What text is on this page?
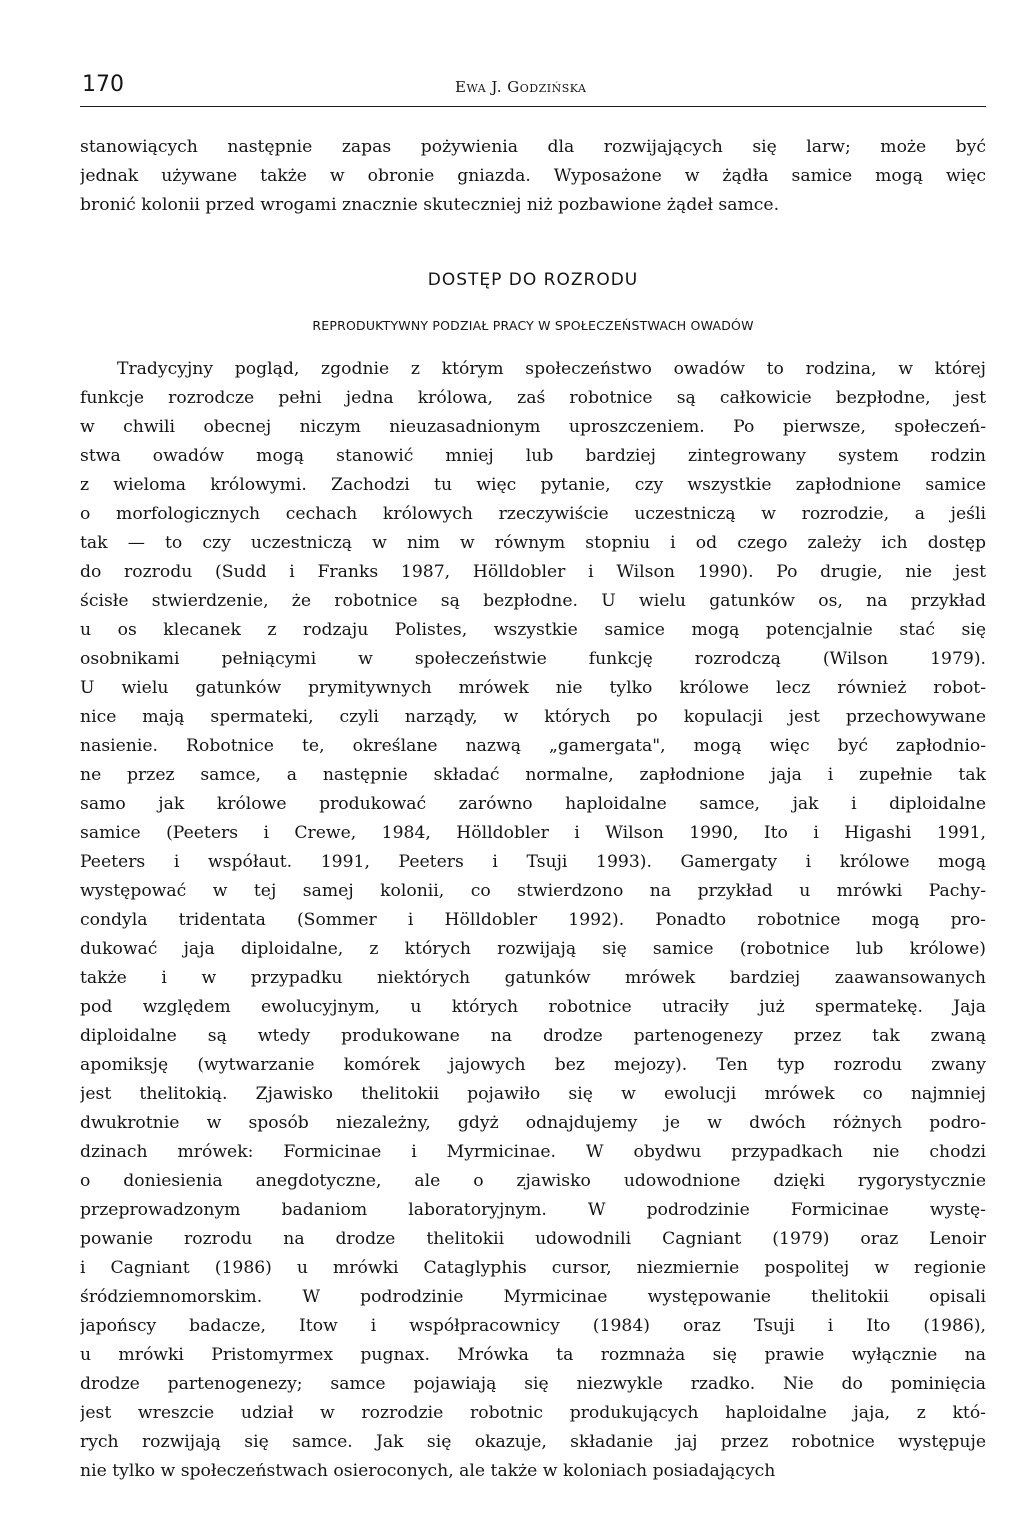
170	Ewa J. Godzińska
stanowiących następnie zapas pożywienia dla rozwijających się larw; może być
jednak używane także w obronie gniazda. Wyposażone w żądła samice mogą więc
bronić kolonii przed wrogami znacznie skuteczniej niż pozbawione żądeł samce.
DOSTĘP DO ROZRODU
REPRODUKTYWNY PODZIAŁ PRACY W SPOŁECZEŃSTWACH OWADÓW
Tradycyjny pogląd, zgodnie z którym społeczeństwo owadów to rodzina, w której
funkcje rozrodcze pełni jedna królowa, zaś robotnice są całkowicie bezpłodne, jest
w chwili obecnej niczym nieuzasadnionym uproszczeniem. Po pierwsze, społeczeń-
stwa owadów mogą stanowić mniej lub bardziej zintegrowany system rodzin
z wieloma królowymi. Zachodzi tu więc pytanie, czy wszystkie zapłodnione samice
o morfologicznych cechach królowych rzeczywiście uczestniczą w rozrodzie, a jeśli
tak — to czy uczestniczą w nim w równym stopniu i od czego zależy ich dostęp
do rozrodu (Sudd i Franks 1987, Hölldobler i Wilson 1990). Po drugie, nie jest
ścisłe stwierdzenie, że robotnice są bezpłodne. U wielu gatunków os, na przykład
u os klecanek z rodzaju Polistes, wszystkie samice mogą potencjalnie stać się
osobnikami pełniącymi w społeczeństwie funkcję rozrodczą (Wilson 1979).
U wielu gatunków prymitywnych mrówek nie tylko królowe lecz również robot-
nice mają spermateki, czyli narządy, w których po kopulacji jest przechowywane
nasienie. Robotnice te, określane nazwą „gamergata", mogą więc być zapłodnio-
ne przez samce, a następnie składać normalne, zapłodnione jaja i zupełnie tak
samo jak królowe produkować zarówno haploidalne samce, jak i diploidalne
samice (Peeters i Crewe, 1984, Hölldobler i Wilson 1990, Ito i Higashi 1991,
Peeters i współaut. 1991, Peeters i Tsuji 1993). Gamergaty i królowe mogą
występować w tej samej kolonii, co stwierdzono na przykład u mrówki Pachy-
condyla tridentata (Sommer i Hölldobler 1992). Ponadto robotnice mogą pro-
dukować jaja diploidalne, z których rozwijają się samice (robotnice lub królowe)
także i w przypadku niektórych gatunków mrówek bardziej zaawansowanych
pod względem ewolucyjnym, u których robotnice utraciły już spermatekę. Jaja
diploidalne są wtedy produkowane na drodze partenogenezy przez tak zwaną
apomiksję (wytwarzanie komórek jajowych bez mejozy). Ten typ rozrodu zwany
jest thelitokią. Zjawisko thelitokii pojawiło się w ewolucji mrówek co najmniej
dwukrotnie w sposób niezależny, gdyż odnajdujemy je w dwóch różnych podro-
dzinach mrówek: Formicinae i Myrmicinae. W obydwu przypadkach nie chodzi
o doniesienia anegdotyczne, ale o zjawisko udowodnione dzięki rygorystycznie
przeprowadzonym badaniom laboratoryjnym. W podrodzinie Formicinae wystę-
powanie rozrodu na drodze thelitokii udowodnili Cagniant (1979) oraz Lenoir
i Cagniant (1986) u mrówki Cataglyphis cursor, niezmiernie pospolitej w regionie
śródziemnomorskim. W podrodzinie Myrmicinae występowanie thelitokii opisali
japońscy badacze, Itow i współpracownicy (1984) oraz Tsuji i Ito (1986),
u mrówki Pristomyrmex pugnax. Mrówka ta rozmnaża się prawie wyłącznie na
drodze partenogenezy; samce pojawiają się niezwykle rzadko. Nie do pominięcia
jest wreszcie udział w rozrodzie robotnic produkujących haploidalne jaja, z któ-
rych rozwijają się samce. Jak się okazuje, składanie jaj przez robotnice występuje
nie tylko w społeczeństwach osieroconych, ale także w koloniach posiadających
